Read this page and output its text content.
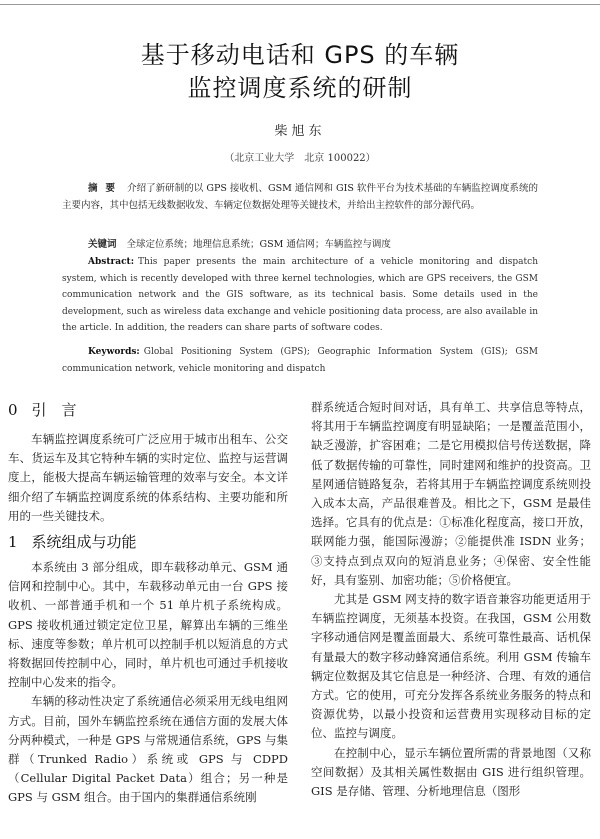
基于移动电话和 GPS 的车辆
监控调度系统的研制
柴旭东
（北京工业大学　北京 100022）
摘要 介绍了新研制的以 GPS 接收机、GSM 通信网和 GIS 软件平台为技术基础的车辆监控调度系统的主要内容，其中包括无线数据收发、车辆定位数据处理等关键技术，并给出主控软件的部分源代码。
关键词 全球定位系统；地理信息系统；GSM 通信网；车辆监控与调度
Abstract: This paper presents the main architecture of a vehicle monitoring and dispatch system, which is recently developed with three kernel technologies, which are GPS receivers, the GSM communication network and the GIS software, as its technical basis. Some details used in the development, such as wireless data exchange and vehicle positioning data process, are also available in the article. In addition, the readers can share parts of software codes.
Keywords: Global Positioning System (GPS); Geographic Information System (GIS); GSM communication network, vehicle monitoring and dispatch
0 引　言

车辆监控调度系统可广泛应用于城市出租车、公交车、货运车及其它特种车辆的实时定位、监控与运营调度上，能极大提高车辆运输管理的效率与安全。本文详细介绍了车辆监控调度系统的体系结构、主要功能和所用的一些关键技术。

1 系统组成与功能

本系统由 3 部分组成，即车载移动单元、GSM 通信网和控制中心。其中，车载移动单元由一台 GPS 接收机、一部普通手机和一个 51 单片机子系统构成。GPS 接收机通过锁定定位卫星，解算出车辆的三维坐标、速度等参数；单片机可以控制手机以短消息的方式将数据回传控制中心，同时，单片机也可通过手机接收控制中心发来的指令。

车辆的移动性决定了系统通信必须采用无线电组网方式。目前，国外车辆监控系统在通信方面的发展大体分两种模式，一种是 GPS 与常规通信系统，GPS 与集群（Trunked Radio）系统或 GPS 与 CDPD（Cellular Digital Packet Data）组合；另一种是 GPS 与 GSM 组合。由于国内的集群通信系统刚

群系统适合短时间对话，具有单工、共享信息等特点，将其用于车辆监控调度有明显缺陷；一是覆盖范围小，缺乏漫游，扩容困难；二是它用模拟信号传送数据，降低了数据传输的可靠性，同时建网和维护的投资高。卫星网通信链路复杂，若将其用于车辆监控调度系统则投入成本太高，产品很难普及。相比之下，GSM 是最佳选择。它具有的优点是：①标准化程度高，接口开放，联网能力强，能国际漫游；②能提供准 ISDN 业务；③支持点到点双向的短消息业务；④保密、安全性能好，具有鉴别、加密功能；⑤价格便宜。

尤其是 GSM 网支持的数字语音兼容功能更适用于车辆监控调度，无须基本投资。在我国，GSM 公用数字移动通信网是覆盖面最大、系统可靠性最高、话机保有量最大的数字移动蜂窝通信系统。利用 GSM 传输车辆定位数据及其它信息是一种经济、合理、有效的通信方式。它的使用，可充分发挥各系统业务服务的特点和资源优势，以最小投资和运营费用实现移动目标的定位、监控与调度。

在控制中心，显示车辆位置所需的背景地图（又称空间数据）及其相关属性数据由 GIS 进行组织管理。GIS 是存储、管理、分析地理信息（图形
